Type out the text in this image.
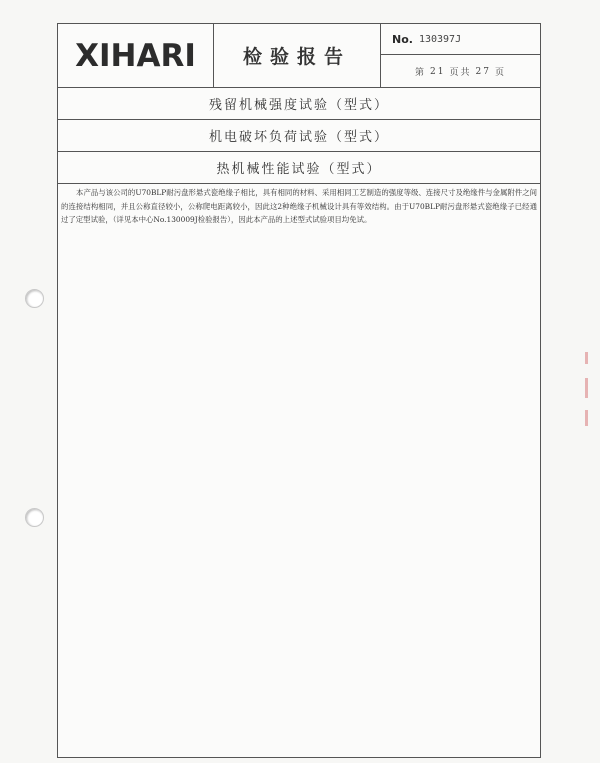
XIHARI 检验报告
No. 130397J
第 21 页共 27 页
残留机械强度试验（型式）
机电破坏负荷试验（型式）
热机械性能试验（型式）
本产品与该公司的U70BLP耐污盘形悬式瓷绝缘子相比，具有相同的材料、采用相同工艺制造的强度等级、连接尺寸及绝缘件与金属附件之间的连接结构相同，并且公称直径较小，公称爬电距离较小，因此这2种绝缘子机械设计具有等效结构。由于U70BLP耐污盘形悬式瓷绝缘子已经通过了定型试验，（详见本中心No.130009J检验报告），因此本产品的上述型式试验项目均免试。
